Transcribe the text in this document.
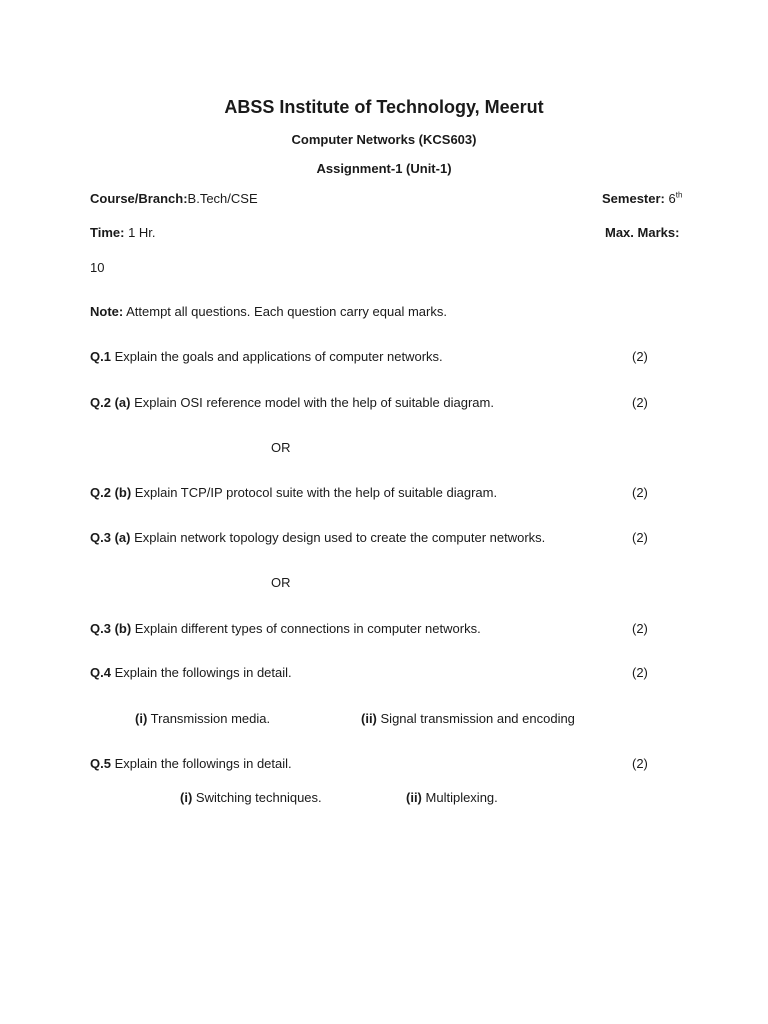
ABSS Institute of Technology, Meerut
Computer Networks (KCS603)
Assignment-1 (Unit-1)
Course/Branch:B.Tech/CSE	Semester: 6th
Time: 1 Hr.	Max. Marks:
10
Note: Attempt all questions. Each question carry equal marks.
Q.1 Explain the goals and applications of computer networks.	(2)
Q.2 (a) Explain OSI reference model with the help of suitable diagram.	(2)
OR
Q.2 (b) Explain TCP/IP protocol suite with the help of suitable diagram.	(2)
Q.3 (a) Explain network topology design used to create the computer networks.	(2)
OR
Q.3 (b) Explain different types of connections in computer networks.	(2)
Q.4 Explain the followings in detail.	(2)
(i) Transmission media.	(ii) Signal transmission and encoding
Q.5 Explain the followings in detail.	(2)
(i) Switching techniques.	(ii) Multiplexing.
